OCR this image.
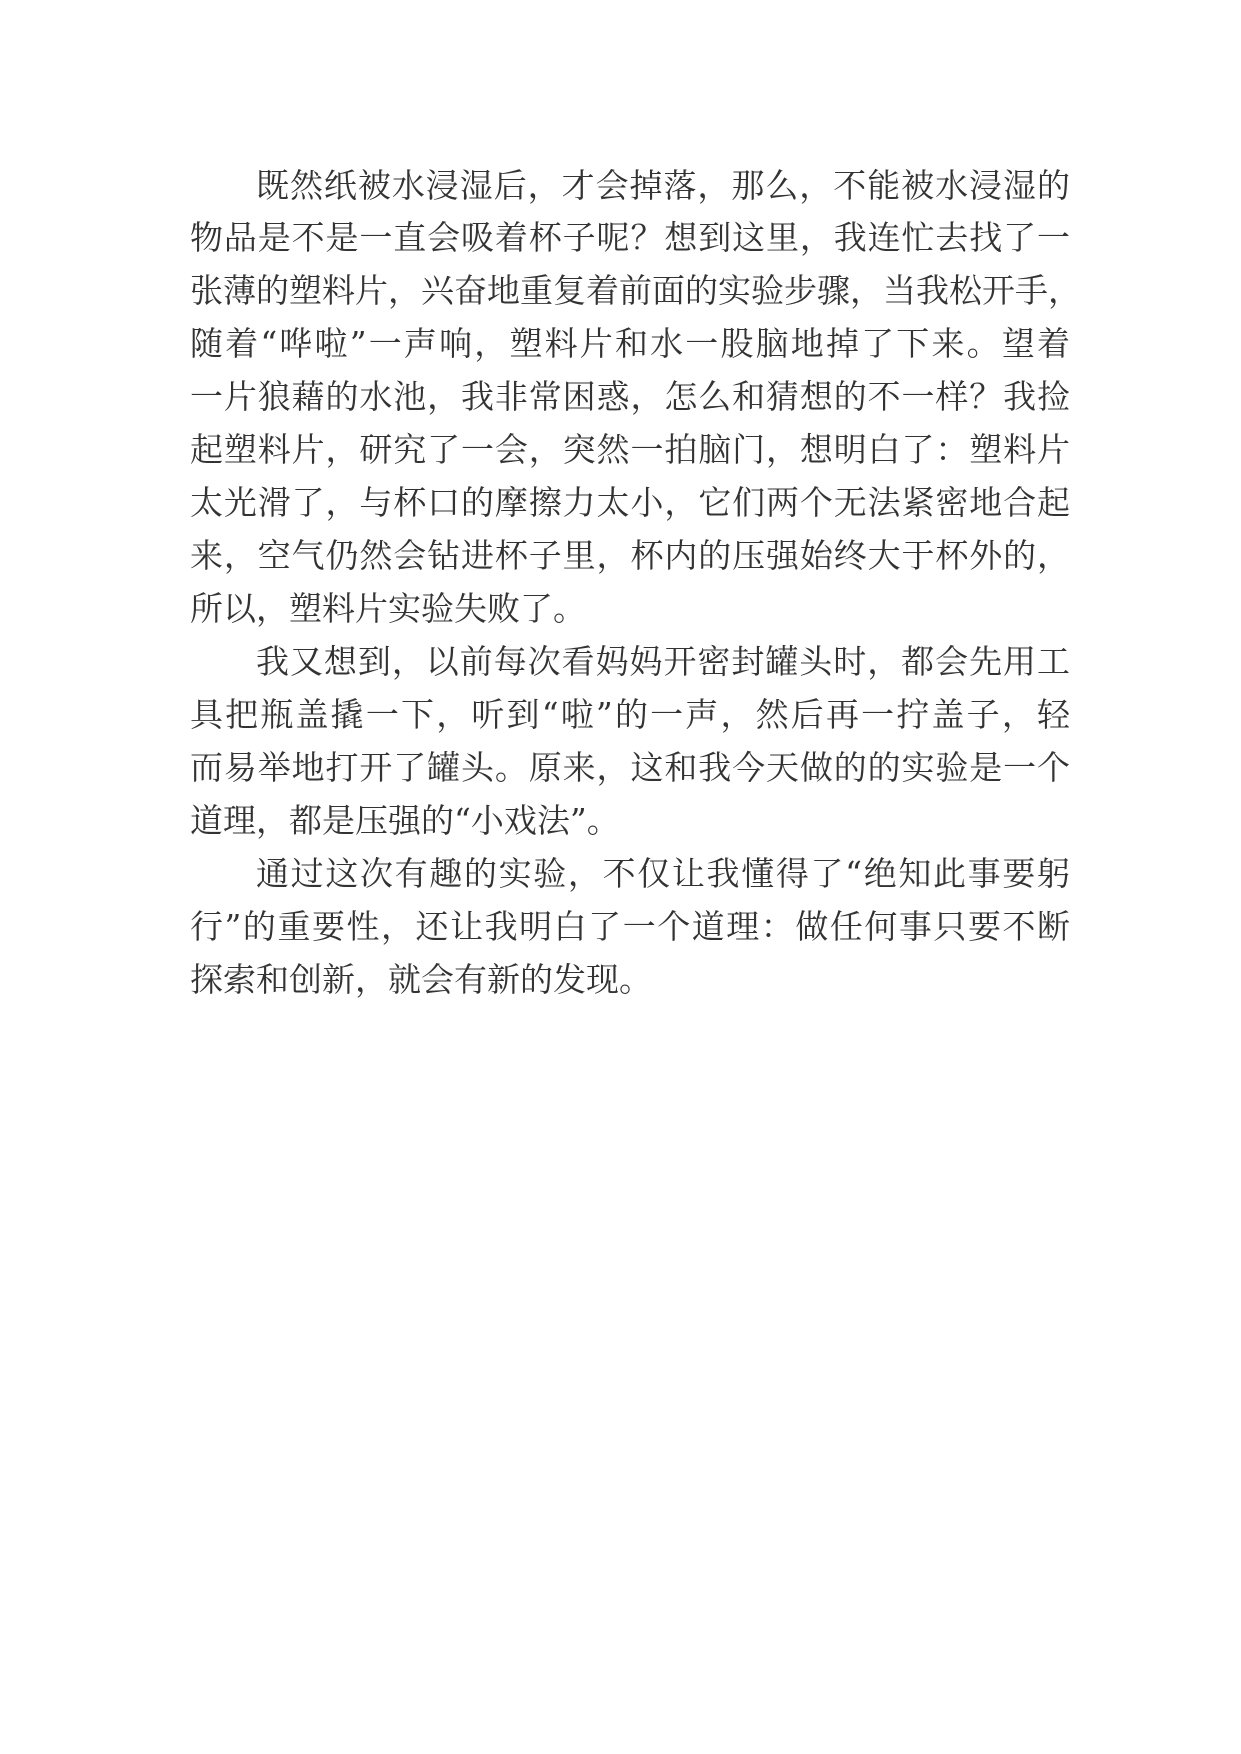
既然纸被水浸湿后，才会掉落，那么，不能被水浸湿的
物品是不是一直会吸着杯子呢？想到这里，我连忙去找了一
张薄的塑料片，兴奋地重复着前面的实验步骤，当我松开手，
随着“哗啦”一声响，塑料片和水一股脑地掉了下来。望着
一片狼藉的水池，我非常困惑，怎么和猜想的不一样？我捡
起塑料片，研究了一会，突然一拍脑门，想明白了：塑料片
太光滑了，与杯口的摩擦力太小，它们两个无法紧密地合起
来，空气仍然会钻进杯子里，杯内的压强始终大于杯外的，
所以，塑料片实验失败了。
我又想到，以前每次看妈妈开密封罐头时，都会先用工
具把瓶盖撬一下，听到“啦”的一声，然后再一拧盖子，轻
而易举地打开了罐头。原来，这和我今天做的的实验是一个
道理，都是压强的“小戏法”。
通过这次有趣的实验，不仅让我懂得了“绝知此事要躬
行”的重要性，还让我明白了一个道理：做任何事只要不断
探索和创新，就会有新的发现。
